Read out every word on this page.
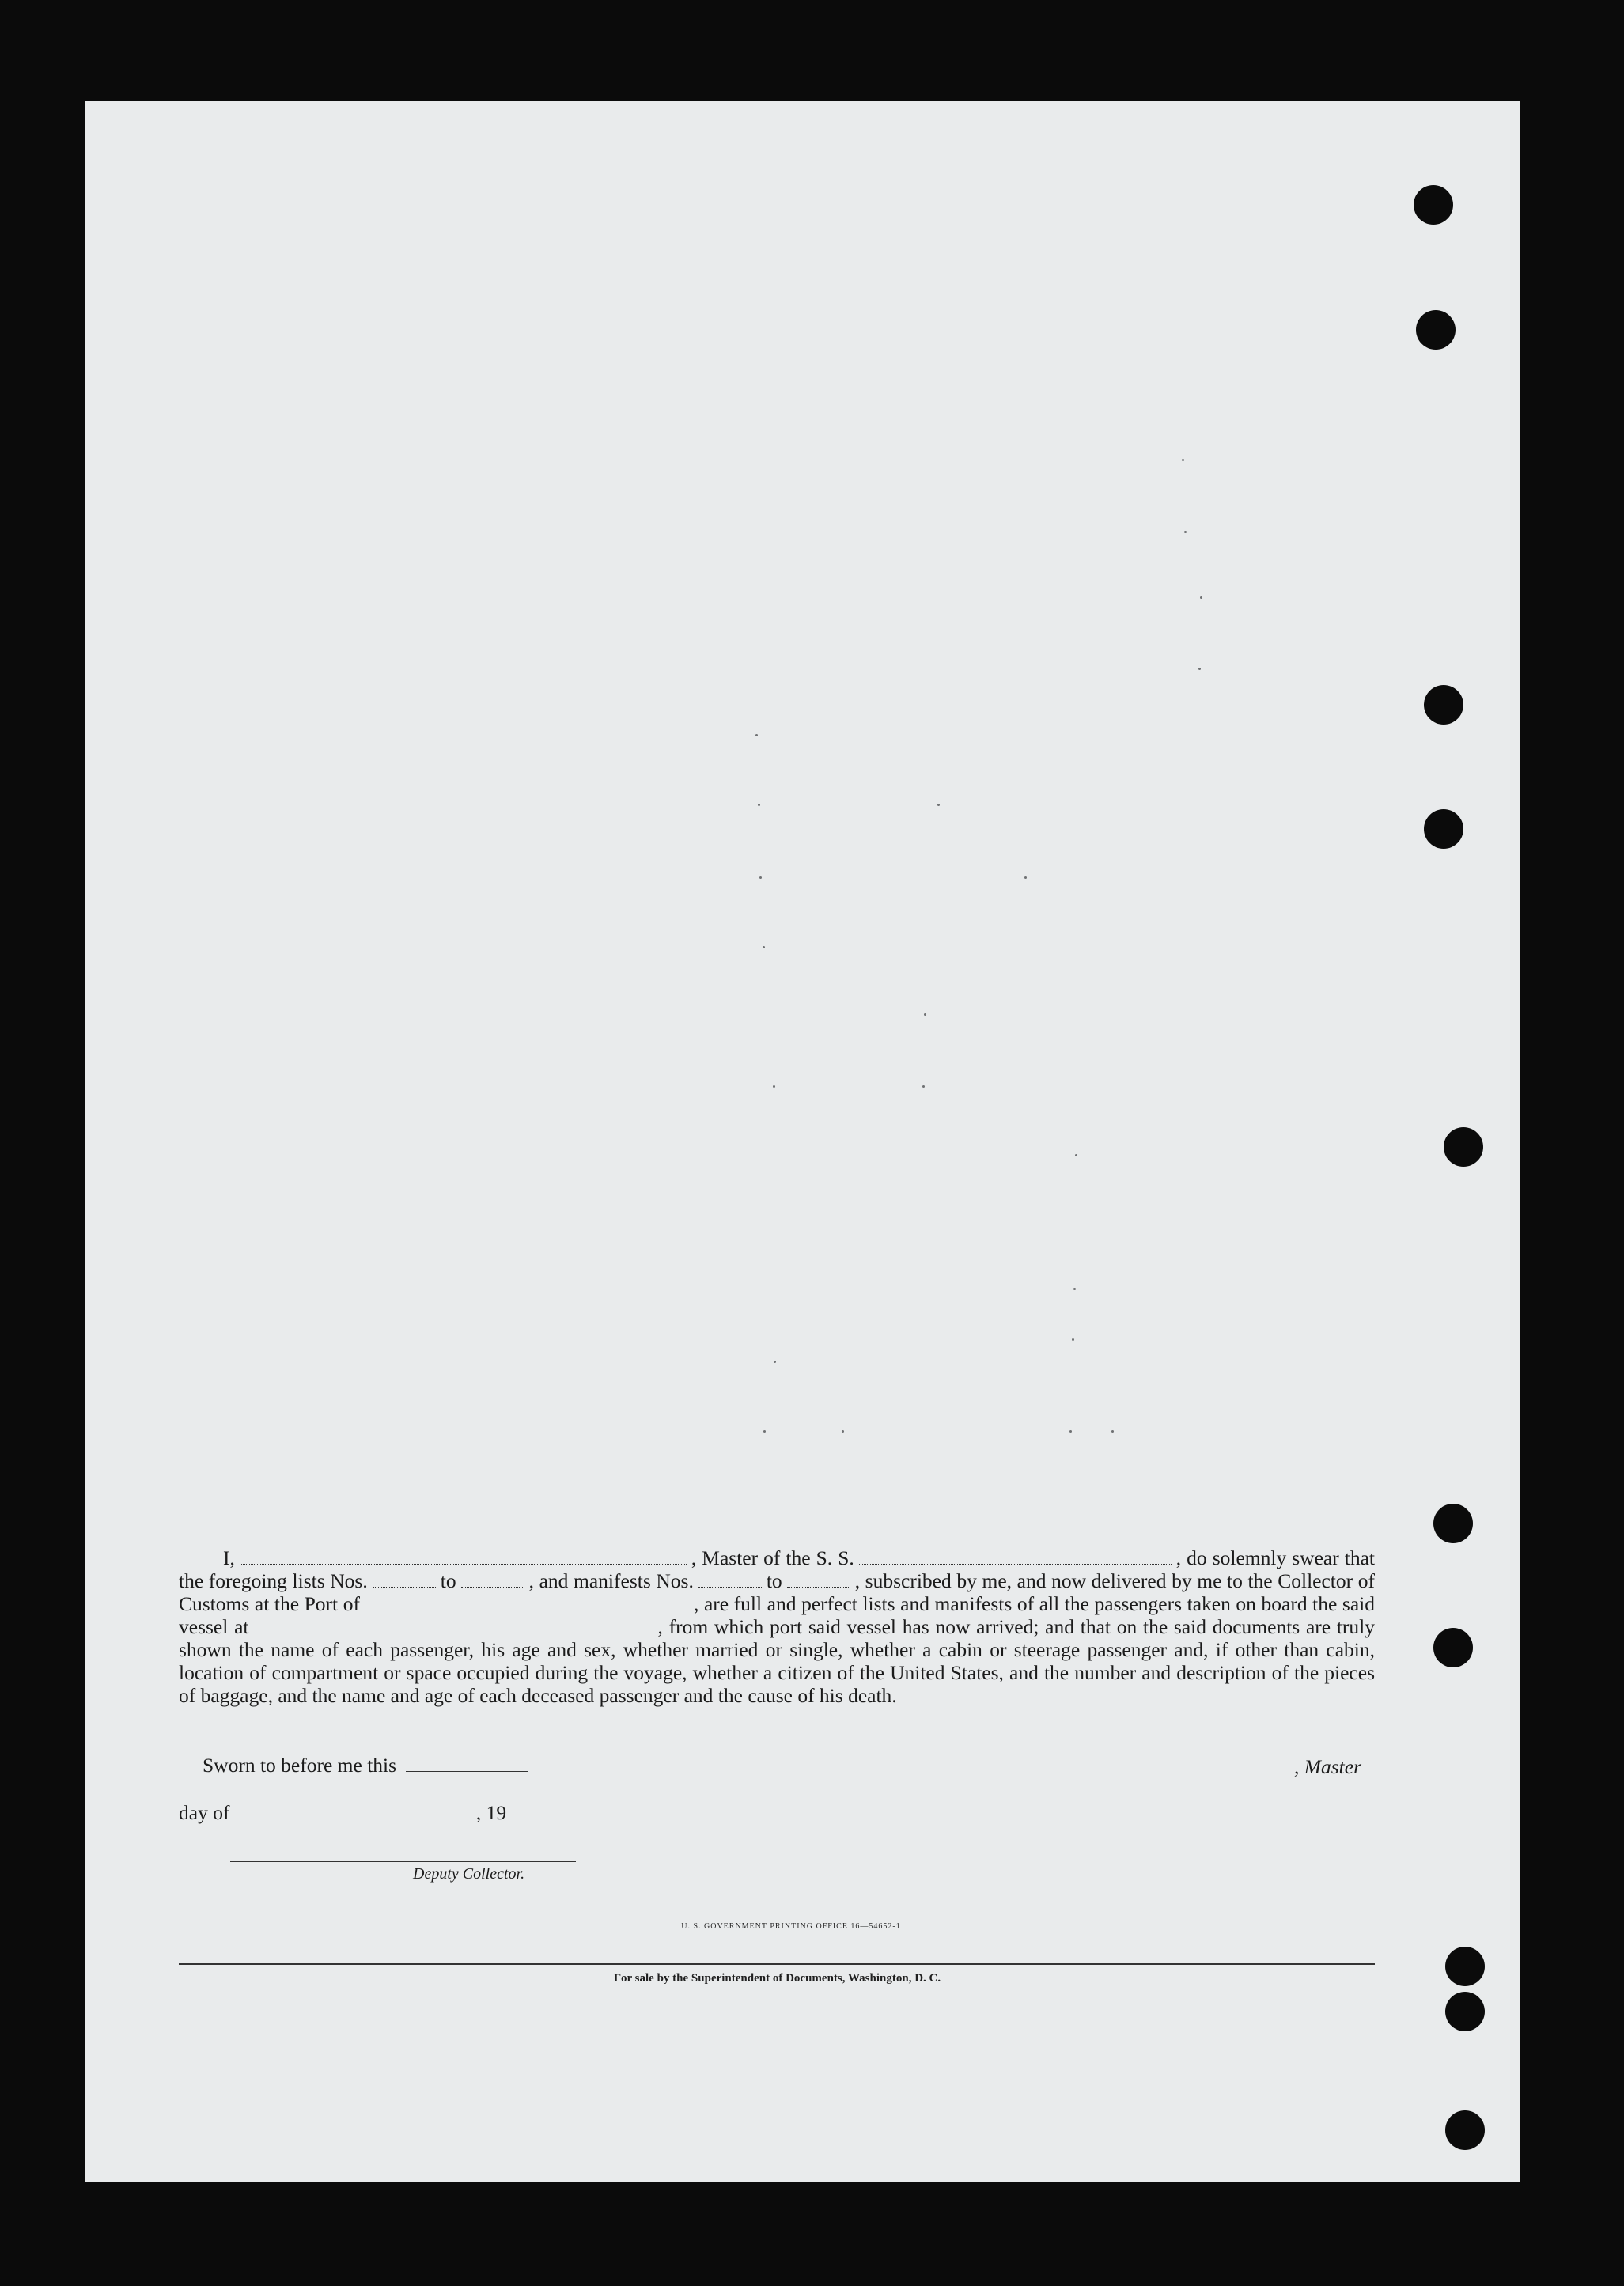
I,	, Master of the S. S.	, do solemnly swear that the foregoing lists Nos.	to	, and manifests Nos.	to	, subscribed by me, and now delivered by me to the Collector of Customs at the Port of	, are full and perfect lists and manifests of all the passengers taken on board the said vessel at	, from which port said vessel has now arrived; and that on the said documents are truly shown the name of each passenger, his age and sex, whether married or single, whether a cabin or steerage passenger and, if other than cabin, location of compartment or space occupied during the voyage, whether a citizen of the United States, and the number and description of the pieces of baggage, and the name and age of each deceased passenger and the cause of his death.
Sworn to before me this	, Master
day of	, 19
Deputy Collector.
U. S. GOVERNMENT PRINTING OFFICE 16—54652-1
For sale by the Superintendent of Documents, Washington, D. C.
